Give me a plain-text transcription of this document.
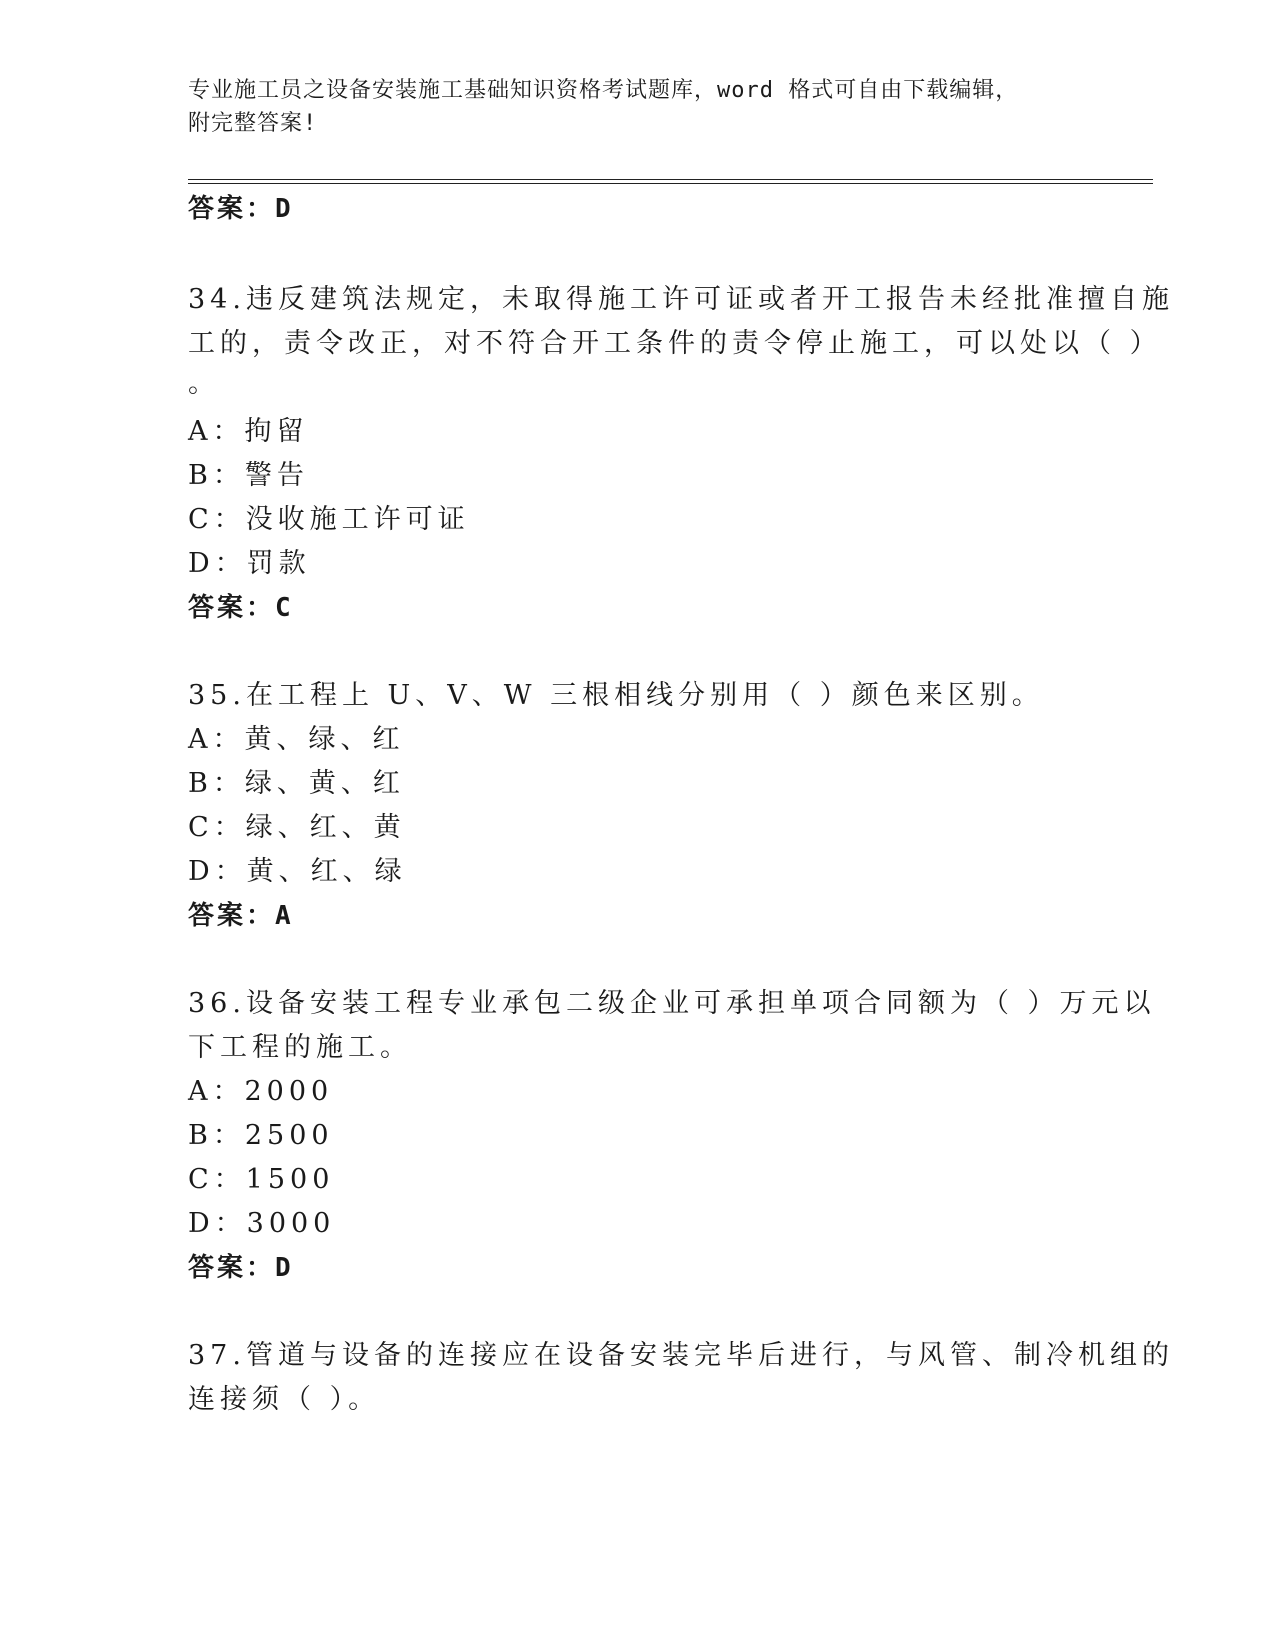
专业施工员之设备安装施工基础知识资格考试题库，word 格式可自由下载编辑，
附完整答案!
答案：D
34.违反建筑法规定，未取得施工许可证或者开工报告未经批准擅自施
工的，责令改正，对不符合开工条件的责令停止施工，可以处以（ ）
。
A：拘留
B：警告
C：没收施工许可证
D：罚款
答案：C
35.在工程上 U、V、W 三根相线分别用（ ）颜色来区别。
A：黄、绿、红
B：绿、黄、红
C：绿、红、黄
D：黄、红、绿
答案：A
36.设备安装工程专业承包二级企业可承担单项合同额为（ ）万元以
下工程的施工。
A：2000
B：2500
C：1500
D：3000
答案：D
37.管道与设备的连接应在设备安装完毕后进行，与风管、制冷机组的
连接须（ ）。
